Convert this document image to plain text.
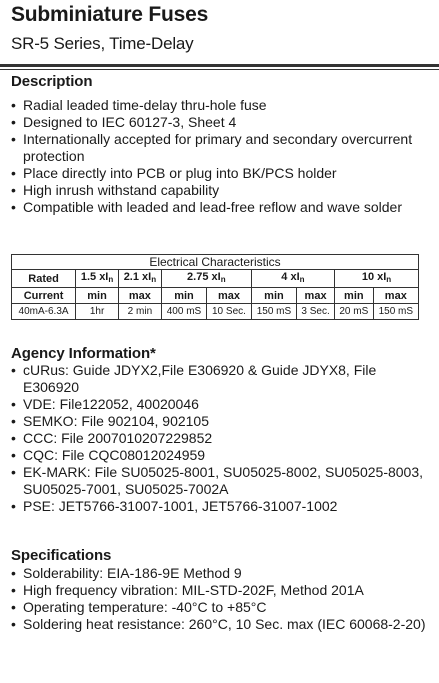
Subminiature Fuses
SR-5 Series, Time-Delay
Description
• Radial leaded time-delay thru-hole fuse
• Designed to IEC 60127-3, Sheet 4
• Internationally accepted for primary and secondary overcurrent protection
• Place directly into PCB or plug into BK/PCS holder
• High inrush withstand capability
• Compatible with leaded and lead-free reflow and wave solder
Electrical Characteristics								
Rated	1.5 $xI_n$	2.1 $xI_n$	2.75 $xI_n$		4 $xI_n$		10 $xI_n$
Current	min	max	min	max	min	max	min	max
40mA-6.3A	1hr	2 min	400 mS	10 Sec.	150 mS	3 Sec.	20 mS	150 mS
Agency Information*
• cURus: Guide JDYX2,File E306920 & Guide JDYX8, File E306920
• VDE: File122052, 40020046
• SEMKO: File 902104, 902105
• CCC: File 2007010207229852
• CQC: File CQC08012024959
• EK-MARK: File SU05025-8001, SU05025-8002, SU05025-8003, SU05025-7001, SU05025-7002A
• PSE: JET5766-31007-1001, JET5766-31007-1002
Specifications
• Solderability: EIA-186-9E Method 9
• High frequency vibration: MIL-STD-202F, Method 201A
• Operating temperature: -40°C to +85°C
• Soldering heat resistance: 260°C, 10 Sec. max (IEC 60068-2-20)
